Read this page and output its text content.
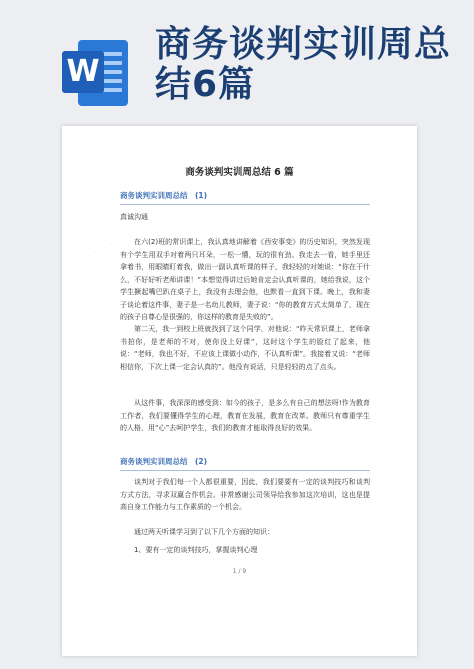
W
商务谈判实训周总结6篇
商务谈判实训周总结 6 篇
商务谈判实训周总结　(1)

真诚沟通

在六(2)班的常识课上，我认真地讲解着《西安事变》的历史知识，突然发现有个学生用双手对着两只耳朵，一松一懵，玩的很有劲。我走去一看，她手里还拿着书，用眼睛盯着我，做出一副认真听课的样子，我轻轻的对她说：“你在干什么，不好好听老师讲课！”本想觉得讲过后她肯定会认真听课的，她给我说，这个学生撅起嘴巴趴在桌子上，我没有去理会他，也默看一直到下课。晚上，我和妻子谈论着这件事，妻子是一名幼儿教师，妻子说：“你的教育方式太简单了，现在的孩子自尊心是很强的，你这样的教育是失败的”。

第二天，我一到校上班就找到了这个同学，对他说：“昨天常识课上，老师拿书拍你，是老师的不对，使你没上好课”，这时这个学生的脸红了起来，他说：“老师，我也不好，不应该上课做小动作，不认真听课”。我接着又说：“老师相信你，下次上课一定会认真的”。他没有说话，只是轻轻的点了点头。

从这件事，我深深的感受到：如今的孩子，是多么有自己的想法呀!作为教育工作者，我们要懂得学生的心理，教育在发展，教育在改革。教师只有尊重学生的人格，用“心”去呵护学生，我们的教育才能取得良好的效果。

商务谈判实训周总结　(2)

谈判对于我们每一个人都很重要，因此，我们要要有一定的谈判技巧和谈判方式方法，寻求双赢合作机会。非常感谢公司领导给我参加这次培训，这也是提高自身工作能力与工作素质的一个机会。

通过两天听课学习到了以下几个方面的知识：

1、要有一定的谈判技巧，掌握谈判心理

1 / 9
· · · · · · ·
· · · · · · ·
· · · · · · ·
